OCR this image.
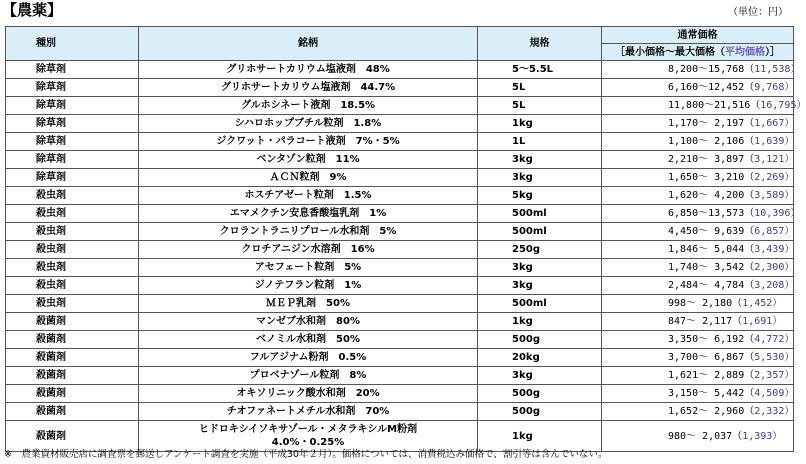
【農薬】	（単位：円）
種別	銘柄	規格	通常価格
			［最小価格～最大価格（平均価格）］
除草剤	グリホサートカリウム塩液剤　48%	5～5.5L	8,200～15,768（11,538）
除草剤	グリホサートカリウム塩液剤　44.7%	5L	6,160～12,452（9,768）
除草剤	グルホシネート液剤　18.5%	5L	11,800～21,516（16,795）
除草剤	シハロホップブチル粒剤　1.8%	1kg	1,170～ 2,197（1,667）
除草剤	ジクワット・パラコート液剤　7%・5%	1L	1,100～ 2,106（1,639）
除草剤	ベンタゾン粒剤　11%	3kg	2,210～ 3,897（3,121）
除草剤	ＡＣＮ粒剤　9%	3kg	1,650～ 3,210（2,269）
殺虫剤	ホスチアゼート粒剤　1.5%	5kg	1,620～ 4,200（3,589）
殺虫剤	エマメクチン安息香酸塩乳剤　1%	500ml	6,850～13,573（10,396）
殺虫剤	クロラントラニリプロール水和剤　5%	500ml	4,450～ 9,639（6,857）
殺虫剤	クロチアニジン水溶剤　16%	250g	1,846～ 5,044（3,439）
殺虫剤	アセフェート粒剤　5%	3kg	1,740～ 3,542（2,300）
殺虫剤	ジノテフラン粒剤　1%	3kg	2,484～ 4,784（3,208）
殺虫剤	ＭＥＰ乳剤　50%	500ml	998～ 2,180（1,452）
殺菌剤	マンゼブ水和剤　80%	1kg	847～ 2,117（1,691）
殺菌剤	ベノミル水和剤　50%	500g	3,350～ 6,192（4,772）
殺菌剤	フルアジナム粉剤　0.5%	20kg	3,700～ 6,867（5,530）
殺菌剤	プロベナゾール粒剤　8%	3kg	1,621～ 2,889（2,357）
殺菌剤	オキソリニック酸水和剤　20%	500g	3,150～ 5,442（4,509）
殺菌剤	チオファネートメチル水和剤　70%	500g	1,652～ 2,960（2,332）
殺菌剤	ヒドロキシイソキサゾール・メタラキシルM粉剤
4.0%・0.25%	1kg	980～ 2,037（1,393）
※　農業資材販売店に調査票を郵送しアンケート調査を実施（平成30年２月）。価格については、消費税込み価格で、割引等は含んでいない。
